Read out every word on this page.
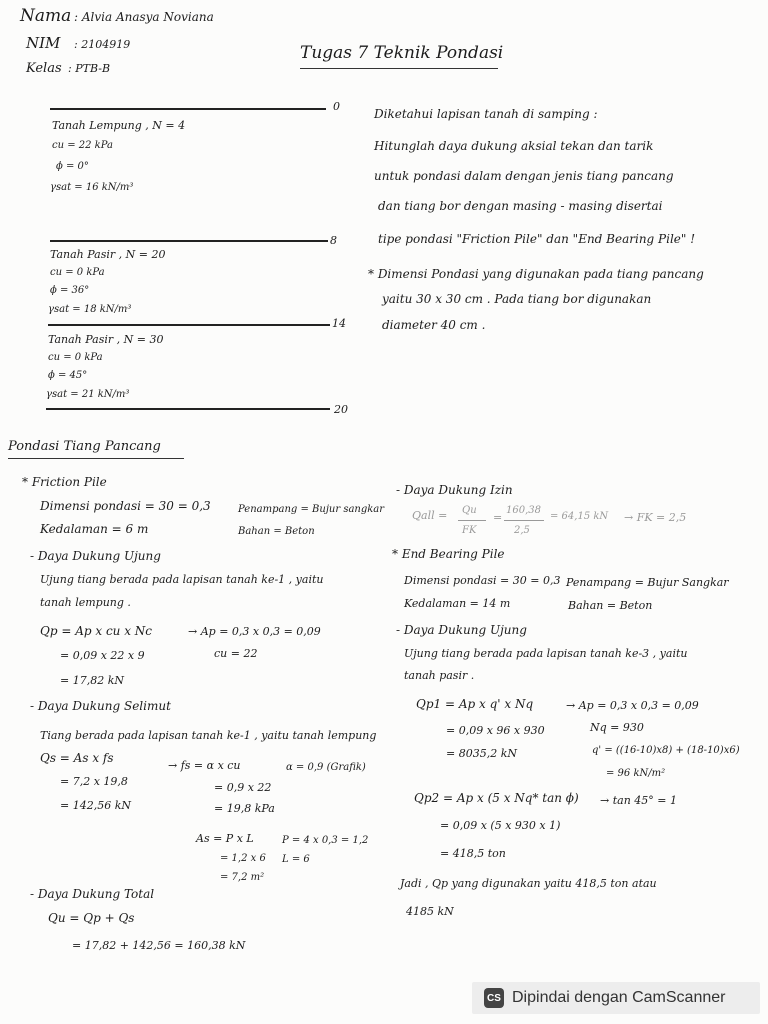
Nama : Alvia Anasya Noviana
NIM : 2104919
Kelas : PTB-B
Tugas 7 Teknik Pondasi
0
Tanah Lempung , N = 4
cu = 22 kPa
ϕ = 0°
γsat = 16 kN/m³
8
Tanah Pasir , N = 20
cu = 0 kPa
ϕ = 36°
γsat = 18 kN/m³
14
Tanah Pasir , N = 30
cu = 0 kPa
ϕ = 45°
γsat = 21 kN/m³
20
Diketahui lapisan tanah di samping :
Hitunglah daya dukung aksial tekan dan tarik
untuk pondasi dalam dengan jenis tiang pancang
dan tiang bor dengan masing - masing disertai
tipe pondasi "Friction Pile" dan "End Bearing Pile" !
* Dimensi Pondasi yang digunakan pada tiang pancang
yaitu 30 x 30 cm . Pada tiang bor digunakan
diameter 40 cm .
Pondasi Tiang Pancang
* Friction Pile
Dimensi pondasi = 30 = 0,3	Penampang = Bujur sangkar
Kedalaman = 6 m	Bahan = Beton
- Daya Dukung Ujung
Ujung tiang berada pada lapisan tanah ke-1 , yaitu
tanah lempung .
Qp = Ap x cu x Nc	→ Ap = 0,3 x 0,3 = 0,09
cu = 22
= 0,09 x 22 x 9
= 17,82 kN
- Daya Dukung Selimut
Tiang berada pada lapisan tanah ke-1 , yaitu tanah lempung
Qs = As x fs
→ fs = α x cu	α = 0,9 (Grafik)
= 0,9 x 22
= 19,8 kPa
= 7,2 x 19,8
= 142,56 kN
As = P x L	P = 4 x 0,3 = 1,2
= 1,2 x 6 L = 6
= 7,2 m²
- Daya Dukung Total
Qu = Qp + Qs
= 17,82 + 142,56 = 160,38 kN
- Daya Dukung Izin
Qall = Qu
FK
=
160,38
2,5
= 64,15 kN → FK = 2,5
* End Bearing Pile
Dimensi pondasi = 30 = 0,3 Penampang = Bujur Sangkar
Kedalaman = 14 m	Bahan = Beton
- Daya Dukung Ujung
Ujung tiang berada pada lapisan tanah ke-3 , yaitu
tanah pasir .
Qp1 = Ap x q' x Nq	→ Ap = 0,3 x 0,3 = 0,09
= 0,09 x 96 x 930	Nq = 930
= 8035,2 kN	q' = ((16-10)x8) + (18-10)x6)
= 96 kN/m²
Qp2 = Ap x (5 x Nq* tan ϕ) → tan 45° = 1
= 0,09 x (5 x 930 x 1)
= 418,5 ton
Jadi , Qp yang digunakan yaitu 418,5 ton atau
4185 kN
CS Dipindai dengan CamScanner
